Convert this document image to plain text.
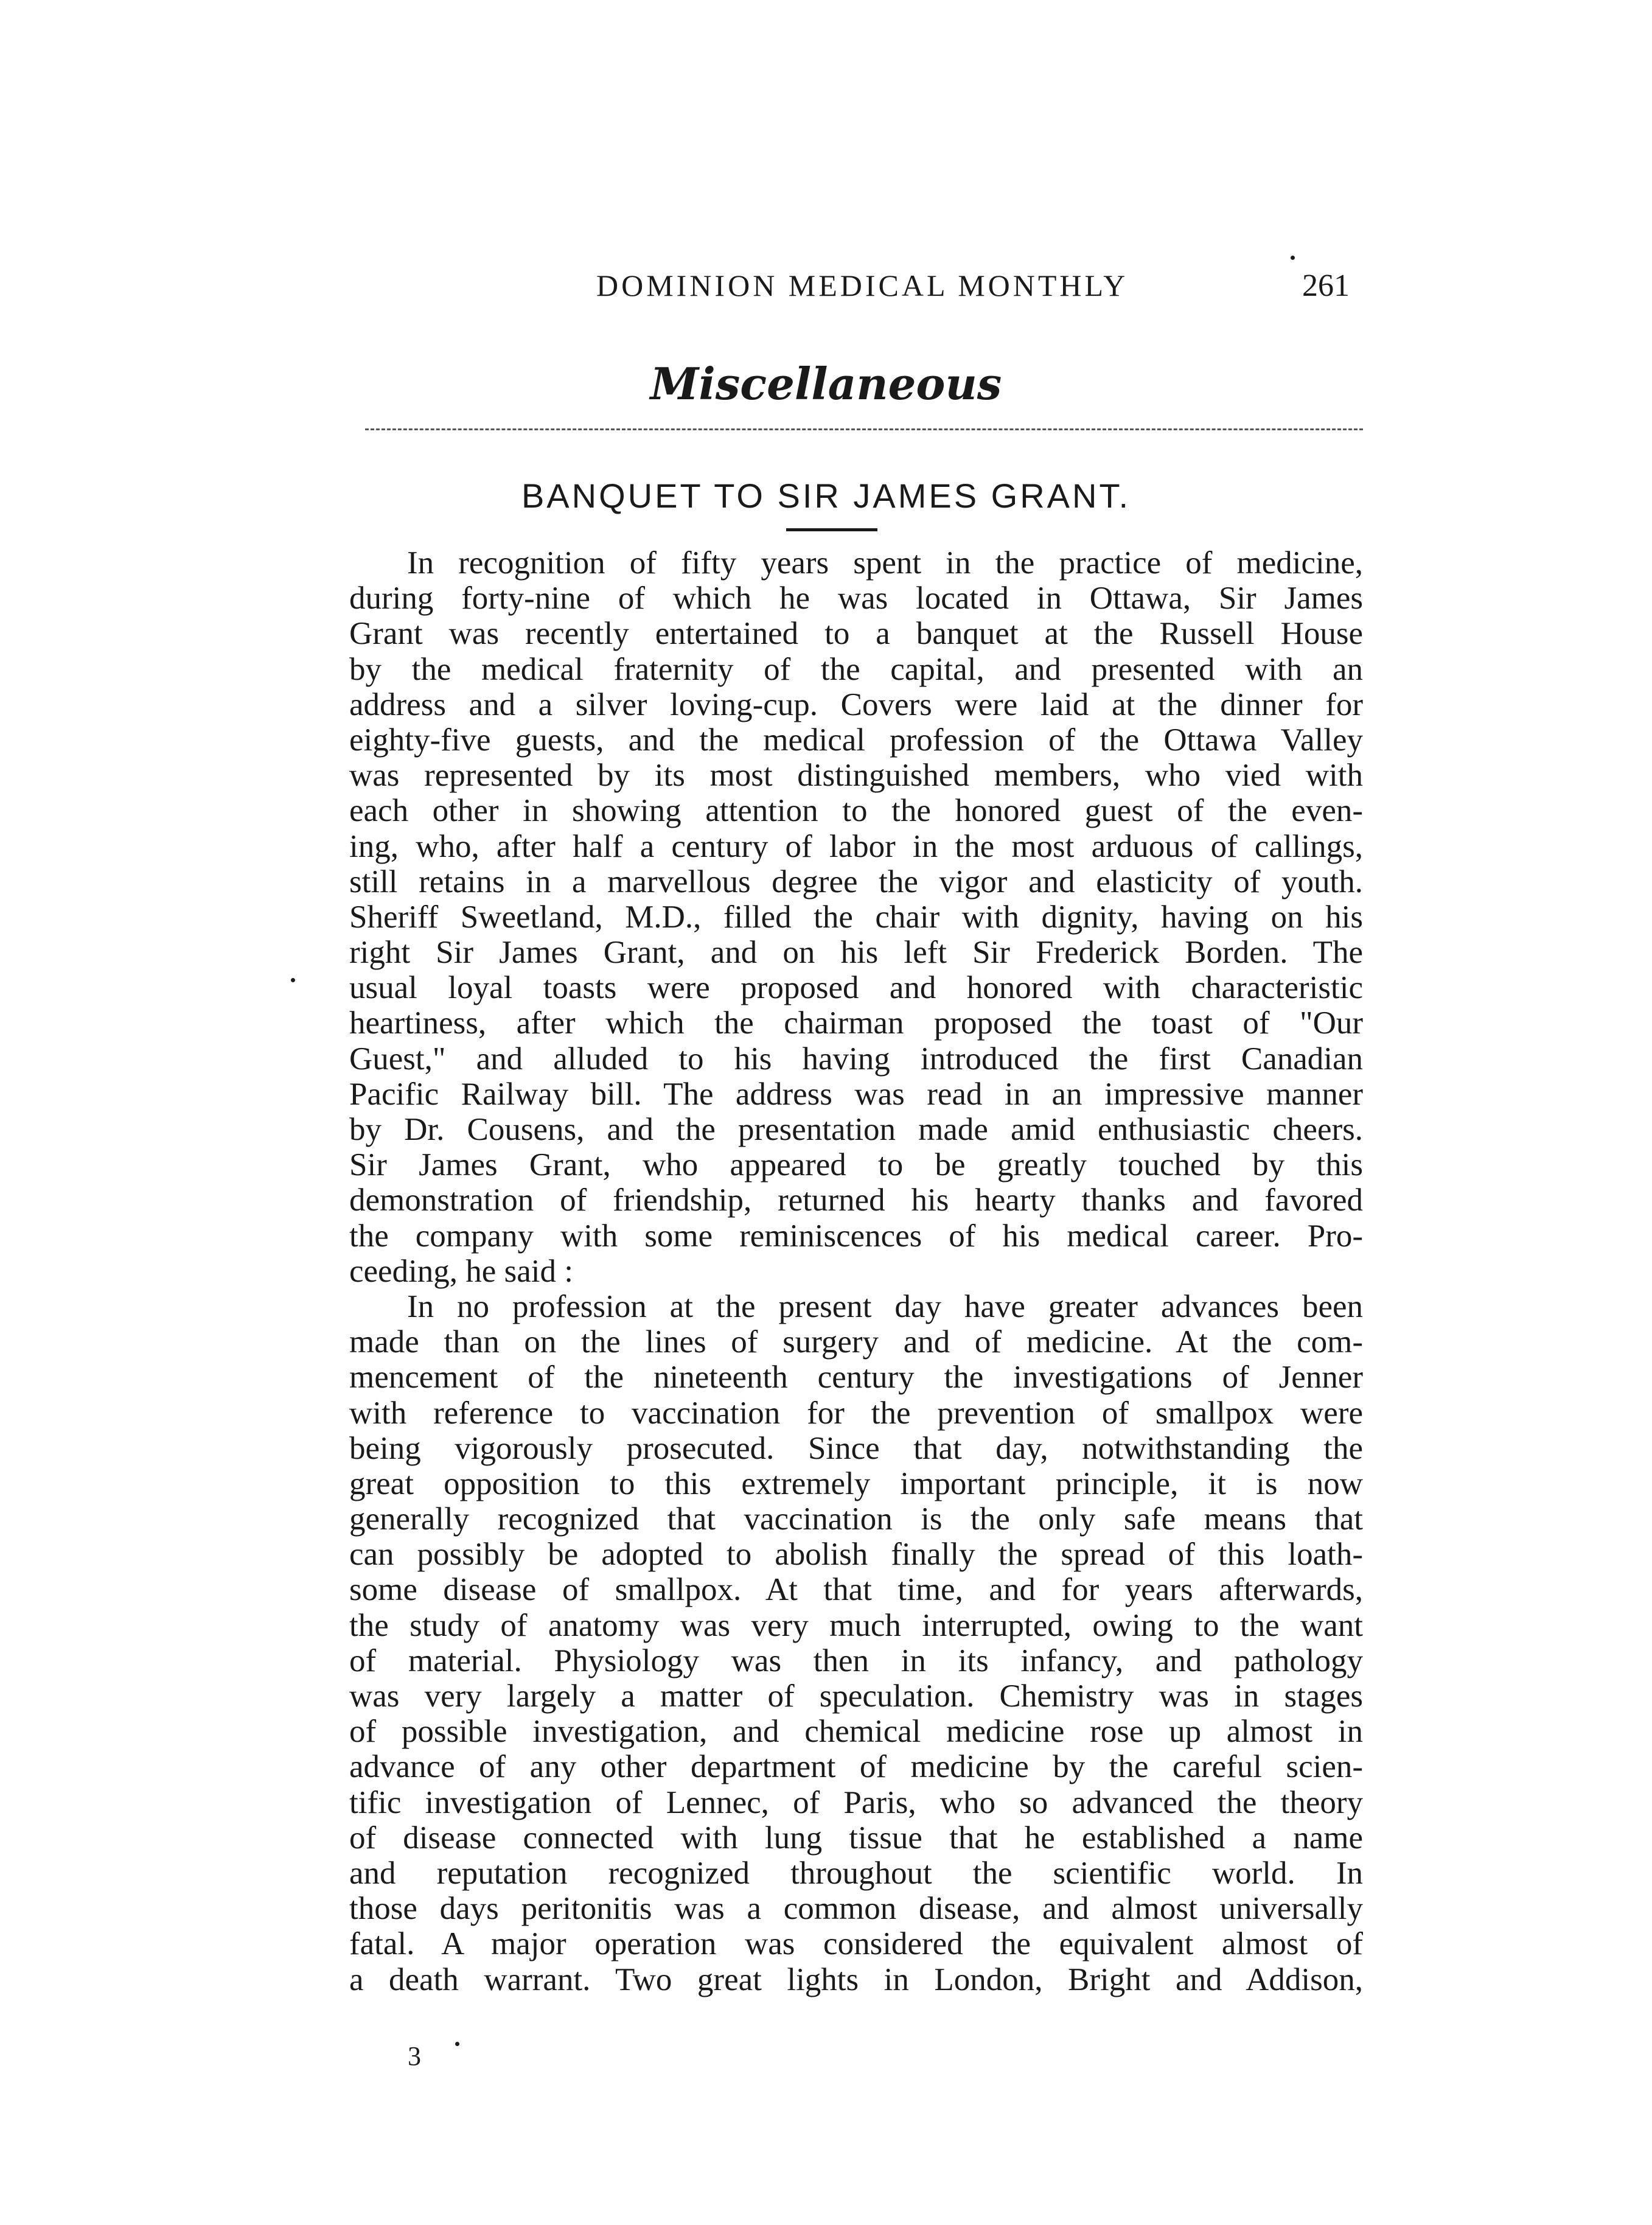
DOMINION MEDICAL MONTHLY	261
Miscellaneous
BANQUET TO SIR JAMES GRANT.
In recognition of fifty years spent in the practice of medicine,
during forty-nine of which he was located in Ottawa, Sir James
Grant was recently entertained to a banquet at the Russell House
by the medical fraternity of the capital, and presented with an
address and a silver loving-cup. Covers were laid at the dinner for
eighty-five guests, and the medical profession of the Ottawa Valley
was represented by its most distinguished members, who vied with
each other in showing attention to the honored guest of the even-
ing, who, after half a century of labor in the most arduous of callings,
still retains in a marvellous degree the vigor and elasticity of youth.
Sheriff Sweetland, M.D., filled the chair with dignity, having on his
right Sir James Grant, and on his left Sir Frederick Borden. The
usual loyal toasts were proposed and honored with characteristic
heartiness, after which the chairman proposed the toast of "Our
Guest," and alluded to his having introduced the first Canadian
Pacific Railway bill. The address was read in an impressive manner
by Dr. Cousens, and the presentation made amid enthusiastic cheers.
Sir James Grant, who appeared to be greatly touched by this
demonstration of friendship, returned his hearty thanks and favored
the company with some reminiscences of his medical career. Pro-
ceeding, he said :
In no profession at the present day have greater advances been
made than on the lines of surgery and of medicine. At the com-
mencement of the nineteenth century the investigations of Jenner
with reference to vaccination for the prevention of smallpox were
being vigorously prosecuted. Since that day, notwithstanding the
great opposition to this extremely important principle, it is now
generally recognized that vaccination is the only safe means that
can possibly be adopted to abolish finally the spread of this loath-
some disease of smallpox. At that time, and for years afterwards,
the study of anatomy was very much interrupted, owing to the want
of material. Physiology was then in its infancy, and pathology
was very largely a matter of speculation. Chemistry was in stages
of possible investigation, and chemical medicine rose up almost in
advance of any other department of medicine by the careful scien-
tific investigation of Lennec, of Paris, who so advanced the theory
of disease connected with lung tissue that he established a name
and reputation recognized throughout the scientific world. In
those days peritonitis was a common disease, and almost universally
fatal. A major operation was considered the equivalent almost of
a death warrant. Two great lights in London, Bright and Addison,
3
